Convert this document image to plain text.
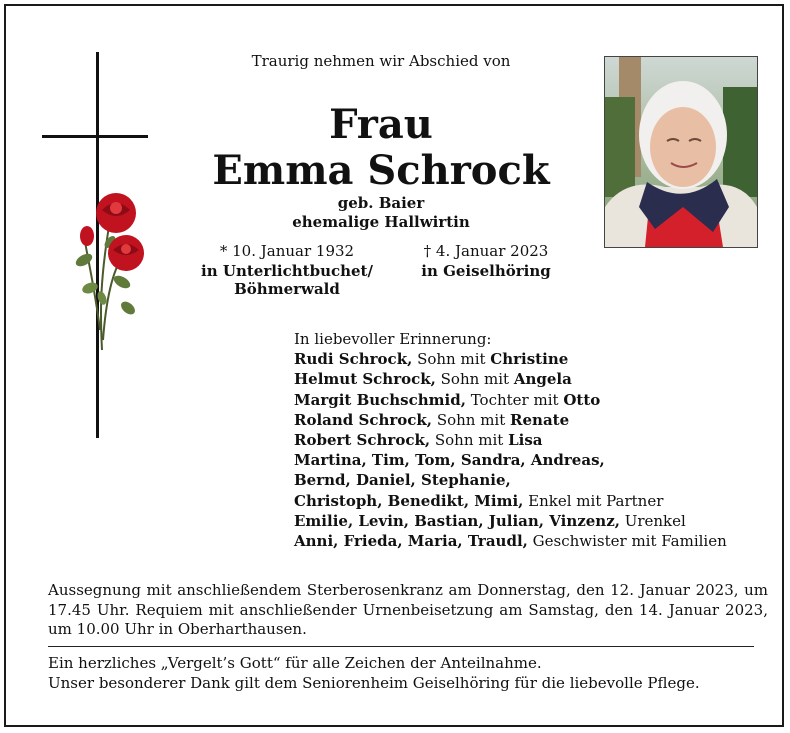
Traurig nehmen wir Abschied von
Frau
Emma Schrock
geb. Baier
ehemalige Hallwirtin
* 10. Januar 1932	† 4. Januar 2023
in Unterlichtbuchet/
Böhmerwald
in Geiselhöring
In liebevoller Erinnerung:
Rudi Schrock, Sohn mit Christine
Helmut Schrock, Sohn mit Angela
Margit Buchschmid, Tochter mit Otto
Roland Schrock, Sohn mit Renate
Robert Schrock, Sohn mit Lisa
Martina, Tim, Tom, Sandra, Andreas,
Bernd, Daniel, Stephanie,
Christoph, Benedikt, Mimi, Enkel mit Partner
Emilie, Levin, Bastian, Julian, Vinzenz, Urenkel
Anni, Frieda, Maria, Traudl, Geschwister mit Familien
Aussegnung mit anschließendem Sterberosenkranz am Donnerstag, den 12. Januar 2023, um 17.45 Uhr. Requiem mit anschließender Urnenbeisetzung am Samstag, den 14. Januar 2023, um 10.00 Uhr in Oberharthausen.
Ein herzliches „Vergelt’s Gott“ für alle Zeichen der Anteilnahme.
Unser besonderer Dank gilt dem Seniorenheim Geiselhöring für die liebevolle Pflege.
